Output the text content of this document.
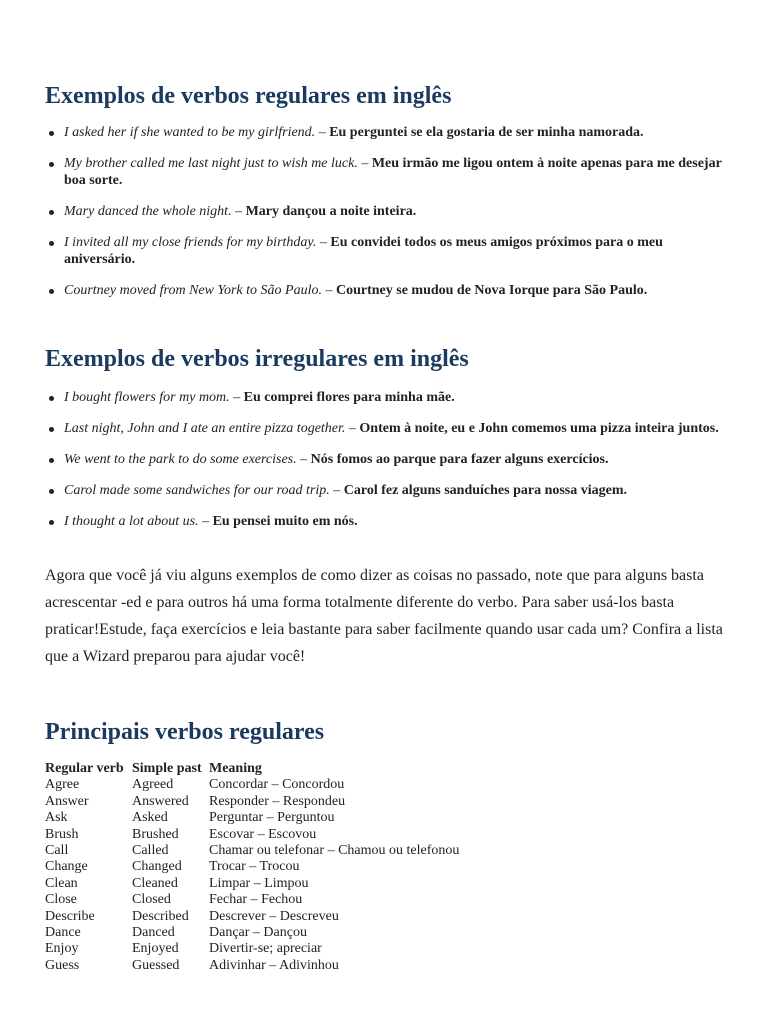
Exemplos de verbos regulares em inglês
I asked her if she wanted to be my girlfriend. – Eu perguntei se ela gostaria de ser minha namorada.
My brother called me last night just to wish me luck. – Meu irmão me ligou ontem à noite apenas para me desejar boa sorte.
Mary danced the whole night. – Mary dançou a noite inteira.
I invited all my close friends for my birthday. – Eu convidei todos os meus amigos próximos para o meu aniversário.
Courtney moved from New York to São Paulo. – Courtney se mudou de Nova Iorque para São Paulo.
Exemplos de verbos irregulares em inglês
I bought flowers for my mom. – Eu comprei flores para minha mãe.
Last night, John and I ate an entire pizza together. – Ontem à noite, eu e John comemos uma pizza inteira juntos.
We went to the park to do some exercises. – Nós fomos ao parque para fazer alguns exercícios.
Carol made some sandwiches for our road trip. – Carol fez alguns sanduíches para nossa viagem.
I thought a lot about us. – Eu pensei muito em nós.

Agora que você já viu alguns exemplos de como dizer as coisas no passado, note que para alguns basta acrescentar -ed e para outros há uma forma totalmente diferente do verbo. Para saber usá-los basta praticar!Estude, faça exercícios e leia bastante para saber facilmente quando usar cada um? Confira a lista que a Wizard preparou para ajudar você!

Principais verbos regulares
Regular verb	Simple past	Meaning
Agree	Agreed	Concordar – Concordou
Answer	Answered	Responder – Respondeu
Ask	Asked	Perguntar – Perguntou
Brush	Brushed	Escovar – Escovou
Call	Called	Chamar ou telefonar – Chamou ou telefonou
Change	Changed	Trocar – Trocou
Clean	Cleaned	Limpar – Limpou
Close	Closed	Fechar – Fechou
Describe	Described	Descrever – Descreveu
Dance	Danced	Dançar – Dançou
Enjoy	Enjoyed	Divertir-se; apreciar
Guess	Guessed	Adivinhar – Adivinhou
